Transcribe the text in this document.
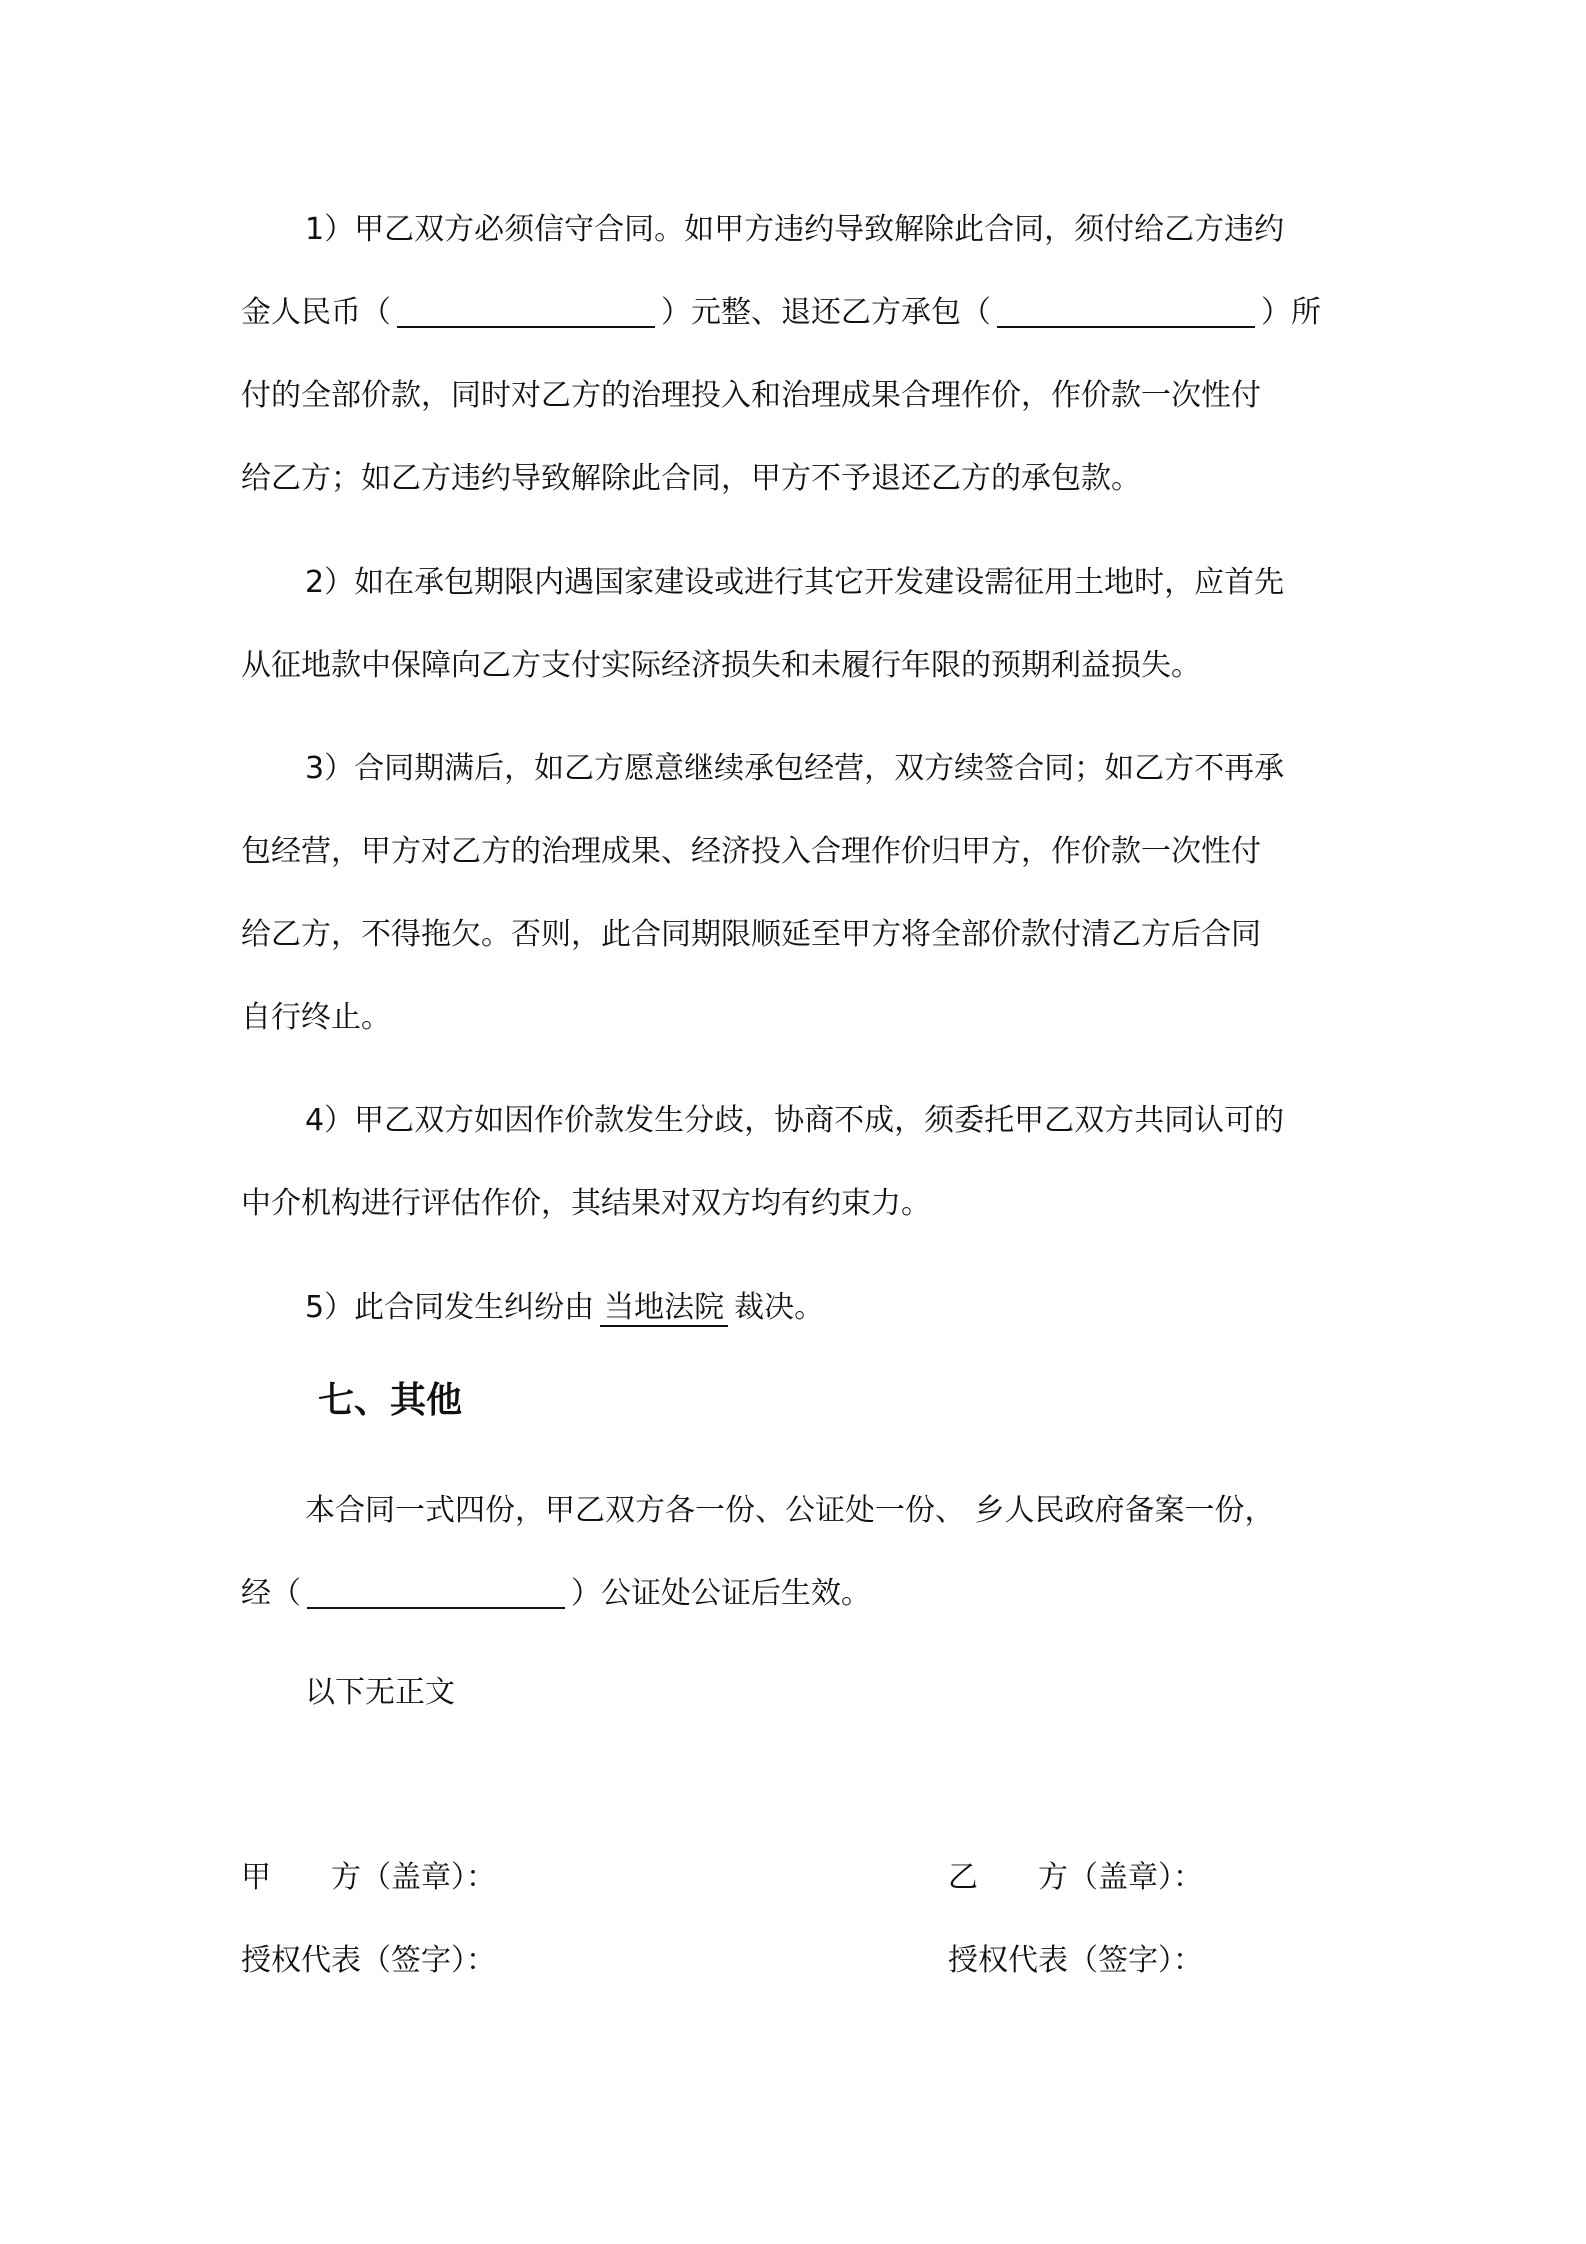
1）甲乙双方必须信守合同。如甲方违约导致解除此合同，须付给乙方违约
金人民币（	）元整、退还乙方承包（	）所
付的全部价款，同时对乙方的治理投入和治理成果合理作价，作价款一次性付
给乙方；如乙方违约导致解除此合同，甲方不予退还乙方的承包款。
2）如在承包期限内遇国家建设或进行其它开发建设需征用土地时，应首先
从征地款中保障向乙方支付实际经济损失和未履行年限的预期利益损失。
3）合同期满后，如乙方愿意继续承包经营，双方续签合同；如乙方不再承
包经营，甲方对乙方的治理成果、经济投入合理作价归甲方，作价款一次性付
给乙方，不得拖欠。否则，此合同期限顺延至甲方将全部价款付清乙方后合同
自行终止。
4）甲乙双方如因作价款发生分歧，协商不成，须委托甲乙双方共同认可的
中介机构进行评估作价，其结果对双方均有约束力。
5）此合同发生纠纷由 当地法院 裁决。
七、其他
本合同一式四份，甲乙双方各一份、公证处一份、 乡人民政府备案一份，
经（	）公证处公证后生效。
以下无正文
甲　　方（盖章）：	乙　　方（盖章）：
授权代表（签字）：	授权代表（签字）：
